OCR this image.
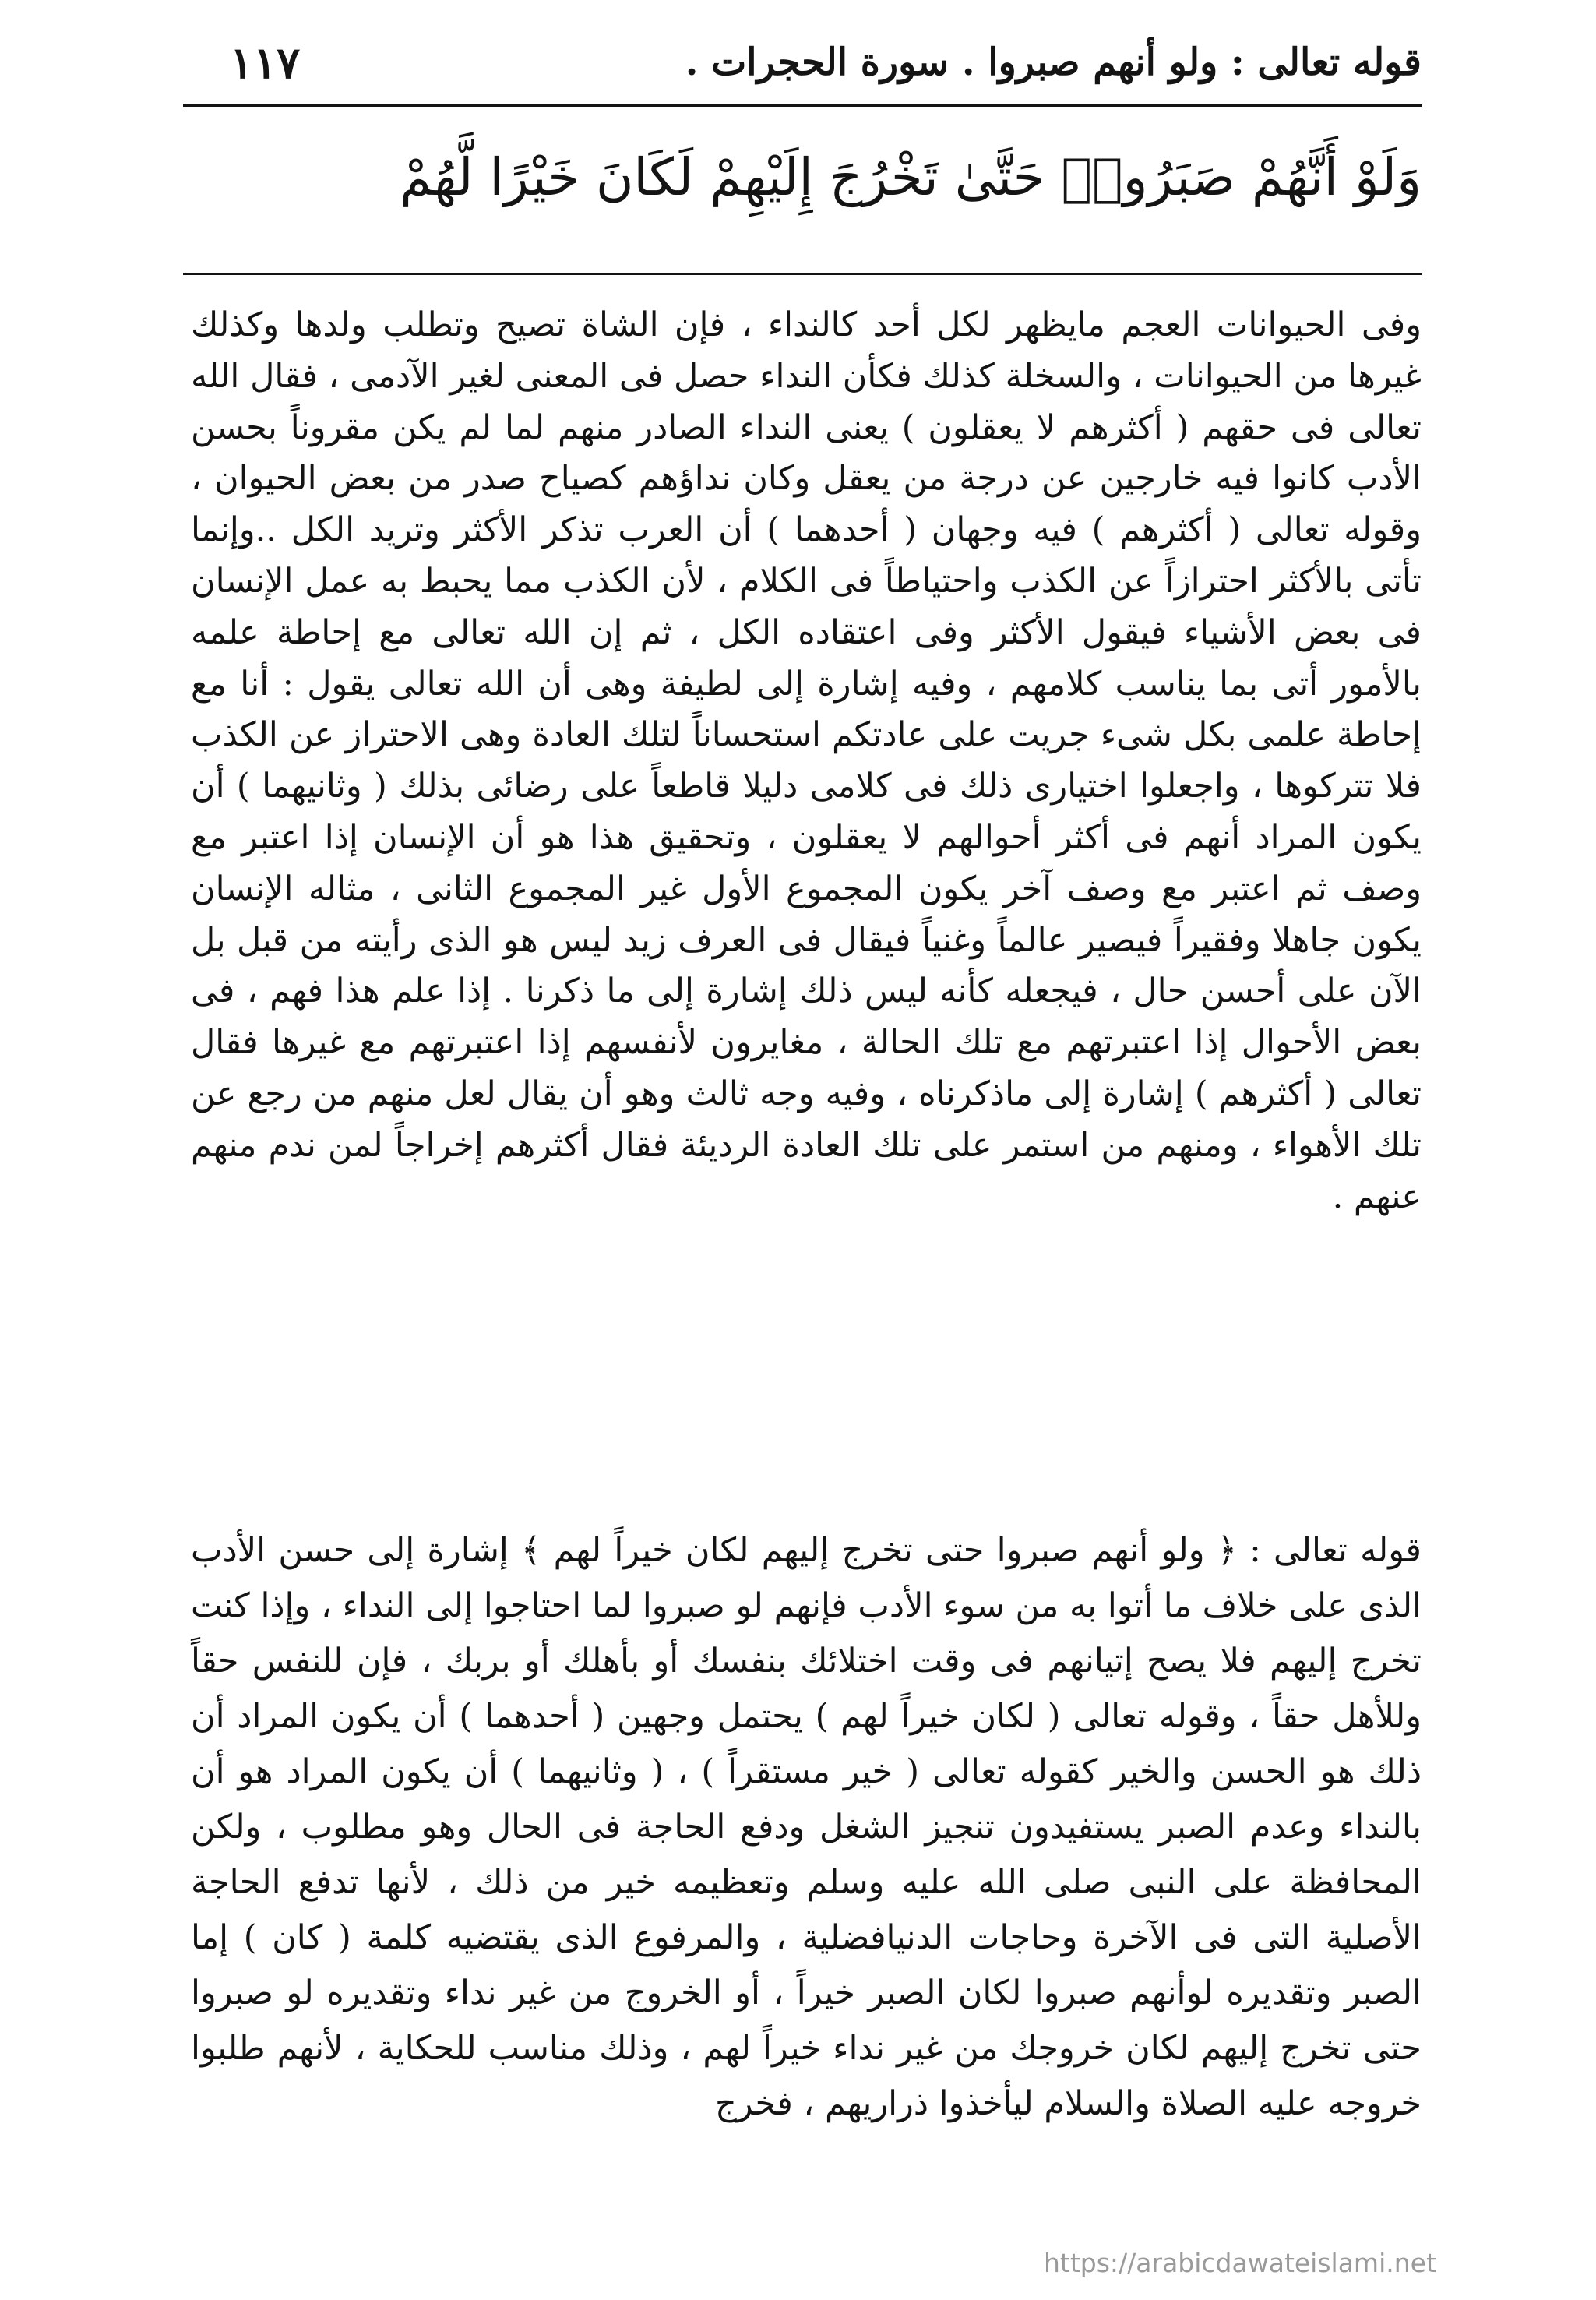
قوله تعالى : ولو أنهم صبروا . سورة الحجرات .
١١٧
وَلَوْ أَنَّهُمْ صَبَرُوا۟ حَتَّىٰ تَخْرُجَ إِلَيْهِمْ لَكَانَ خَيْرًا لَّهُمْ

وفى الحيوانات العجم مايظهر لكل أحد كالنداء ، فإن الشاة تصيح وتطلب ولدها وكذلك غيرها من الحيوانات ، والسخلة كذلك فكأن النداء حصل فى المعنى لغير الآدمى ، فقال الله تعالى فى حقهم ( أكثرهم لا يعقلون ) يعنى النداء الصادر منهم لما لم يكن مقروناً بحسن الأدب كانوا فيه خارجين عن درجة من يعقل وكان نداؤهم كصياح صدر من بعض الحيوان ، وقوله تعالى ( أكثرهم ) فيه وجهان ( أحدهما ) أن العرب تذكر الأكثر وتريد الكل ..وإنما تأتى بالأكثر احترازاً عن الكذب واحتياطاً فى الكلام ، لأن الكذب مما يحبط به عمل الإنسان فى بعض الأشياء فيقول الأكثر وفى اعتقاده الكل ، ثم إن الله تعالى مع إحاطة علمه بالأمور أتى بما يناسب كلامهم ، وفيه إشارة إلى لطيفة وهى أن الله تعالى يقول : أنا مع إحاطة علمى بكل شىء جريت على عادتكم استحساناً لتلك العادة وهى الاحتراز عن الكذب فلا تتركوها ، واجعلوا اختيارى ذلك فى كلامى دليلا قاطعاً على رضائى بذلك ( وثانيهما ) أن يكون المراد أنهم فى أكثر أحوالهم لا يعقلون ، وتحقيق هذا هو أن الإنسان إذا اعتبر مع وصف ثم اعتبر مع وصف آخر يكون المجموع الأول غير المجموع الثانى ، مثاله الإنسان يكون جاهلا وفقيراً فيصير عالماً وغنياً فيقال فى العرف زيد ليس هو الذى رأيته من قبل بل الآن على أحسن حال ، فيجعله كأنه ليس ذلك إشارة إلى ما ذكرنا . إذا علم هذا فهم ، فى بعض الأحوال إذا اعتبرتهم مع تلك الحالة ، مغايرون لأنفسهم إذا اعتبرتهم مع غيرها فقال تعالى ( أكثرهم ) إشارة إلى ماذكرناه ، وفيه وجه ثالث وهو أن يقال لعل منهم من رجع عن تلك الأهواء ، ومنهم من استمر على تلك العادة الرديئة فقال أكثرهم إخراجاً لمن ندم منهم عنهم .

قوله تعالى : ﴿ ولو أنهم صبروا حتى تخرج إليهم لكان خيراً لهم ﴾ إشارة إلى حسن الأدب الذى على خلاف ما أتوا به من سوء الأدب فإنهم لو صبروا لما احتاجوا إلى النداء ، وإذا كنت تخرج إليهم فلا يصح إتيانهم فى وقت اختلائك بنفسك أو بأهلك أو بربك ، فإن للنفس حقاً وللأهل حقاً ، وقوله تعالى ( لكان خيراً لهم ) يحتمل وجهين ( أحدهما ) أن يكون المراد أن ذلك هو الحسن والخير كقوله تعالى ( خير مستقراً ) ، ( وثانيهما ) أن يكون المراد هو أن بالنداء وعدم الصبر يستفيدون تنجيز الشغل ودفع الحاجة فى الحال وهو مطلوب ، ولكن المحافظة على النبى صلى الله عليه وسلم وتعظيمه خير من ذلك ، لأنها تدفع الحاجة الأصلية التى فى الآخرة وحاجات الدنيافضلية ، والمرفوع الذى يقتضيه كلمة ( كان ) إما الصبر وتقديره لوأنهم صبروا لكان الصبر خيراً ، أو الخروج من غير نداء وتقديره لو صبروا حتى تخرج إليهم لكان خروجك من غير نداء خيراً لهم ، وذلك مناسب للحكاية ، لأنهم طلبوا خروجه عليه الصلاة والسلام ليأخذوا ذراريهم ، فخرج

https://arabicdawateislami.net
